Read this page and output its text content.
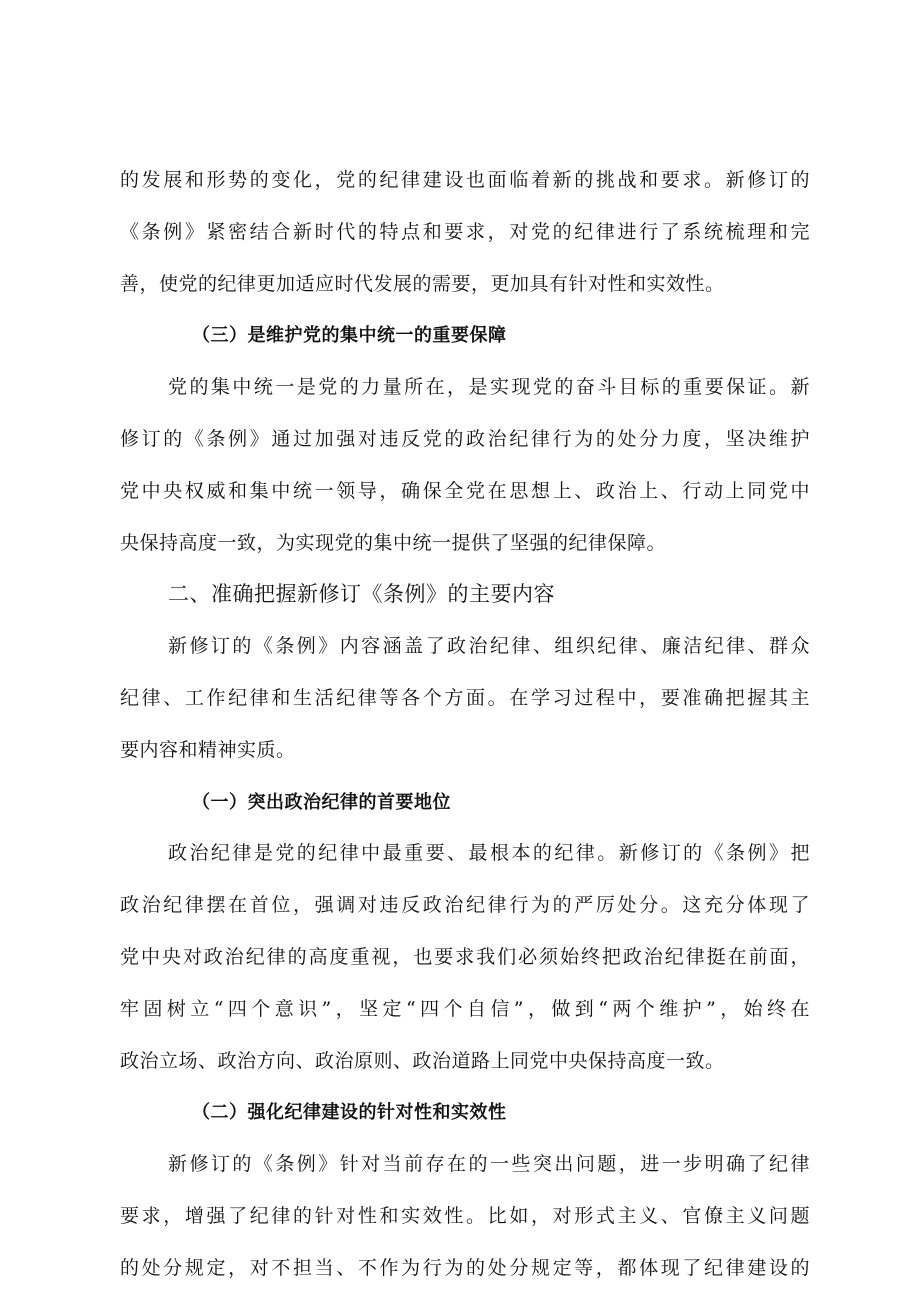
的发展和形势的变化，党的纪律建设也面临着新的挑战和要求。新修订的
《条例》紧密结合新时代的特点和要求，对党的纪律进行了系统梳理和完
善，使党的纪律更加适应时代发展的需要，更加具有针对性和实效性。
（三）是维护党的集中统一的重要保障
党的集中统一是党的力量所在，是实现党的奋斗目标的重要保证。新
修订的《条例》通过加强对违反党的政治纪律行为的处分力度，坚决维护
党中央权威和集中统一领导，确保全党在思想上、政治上、行动上同党中
央保持高度一致，为实现党的集中统一提供了坚强的纪律保障。
二、准确把握新修订《条例》的主要内容
新修订的《条例》内容涵盖了政治纪律、组织纪律、廉洁纪律、群众
纪律、工作纪律和生活纪律等各个方面。在学习过程中，要准确把握其主
要内容和精神实质。
（一）突出政治纪律的首要地位
政治纪律是党的纪律中最重要、最根本的纪律。新修订的《条例》把
政治纪律摆在首位，强调对违反政治纪律行为的严厉处分。这充分体现了
党中央对政治纪律的高度重视，也要求我们必须始终把政治纪律挺在前面，
牢固树立“四个意识”，坚定“四个自信”，做到“两个维护”，始终在
政治立场、政治方向、政治原则、政治道路上同党中央保持高度一致。
（二）强化纪律建设的针对性和实效性
新修订的《条例》针对当前存在的一些突出问题，进一步明确了纪律
要求，增强了纪律的针对性和实效性。比如，对形式主义、官僚主义问题
的处分规定，对不担当、不作为行为的处分规定等，都体现了纪律建设的
